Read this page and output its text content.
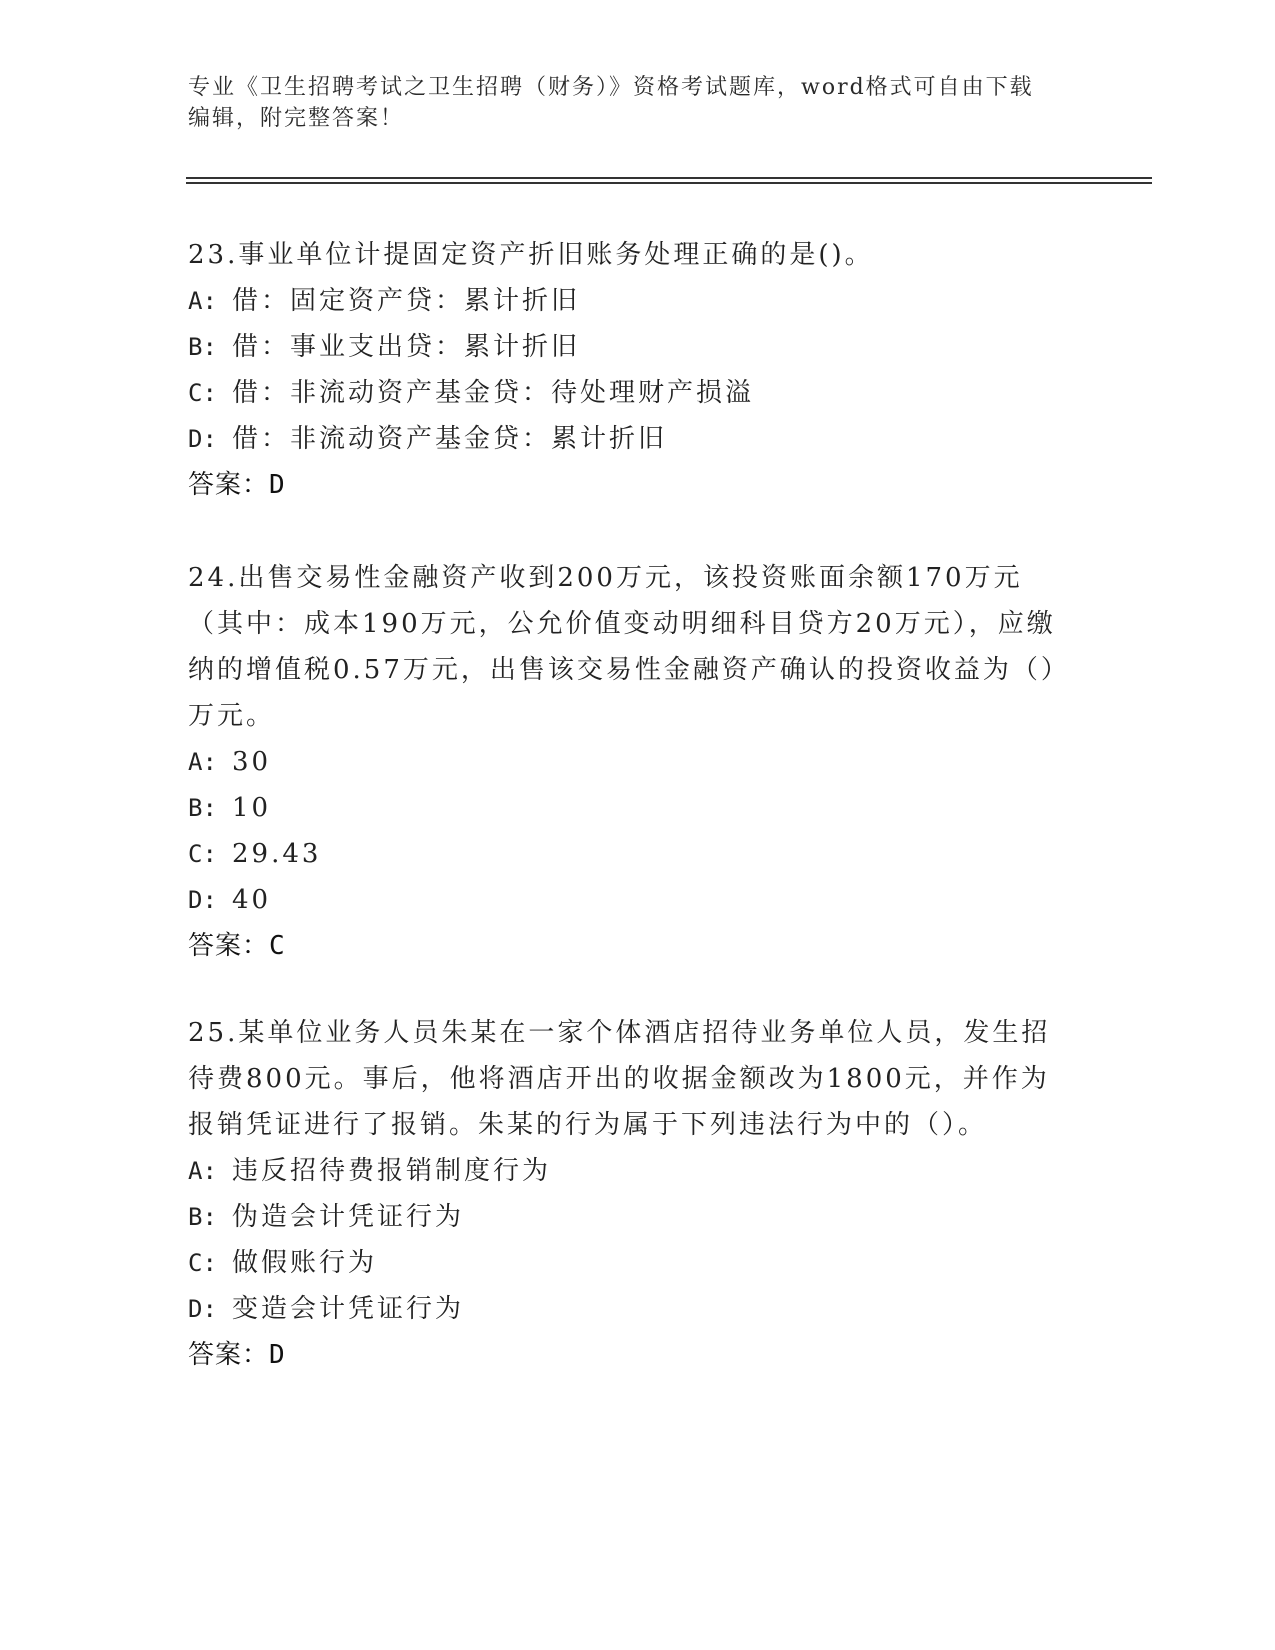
专业《卫生招聘考试之卫生招聘（财务）》资格考试题库，word格式可自由下载
编辑，附完整答案！

23.事业单位计提固定资产折旧账务处理正确的是()。

A: 借：固定资产贷：累计折旧
B: 借：事业支出贷：累计折旧
C: 借：非流动资产基金贷：待处理财产损溢
D: 借：非流动资产基金贷：累计折旧
答案：D

24.出售交易性金融资产收到200万元，该投资账面余额170万元（其中：成本190万元，公允价值变动明细科目贷方20万元），应缴纳的增值税0.57万元，出售该交易性金融资产确认的投资收益为（）万元。

A: 30
B: 10
C: 29.43
D: 40
答案：C

25.某单位业务人员朱某在一家个体酒店招待业务单位人员，发生招待费800元。事后，他将酒店开出的收据金额改为1800元，并作为报销凭证进行了报销。朱某的行为属于下列违法行为中的（）。

A: 违反招待费报销制度行为
B: 伪造会计凭证行为
C: 做假账行为
D: 变造会计凭证行为
答案：D
